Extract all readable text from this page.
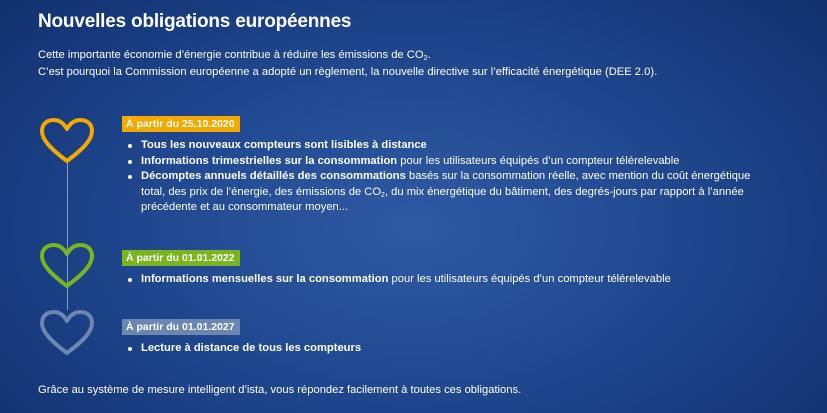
Nouvelles obligations européennes

Cette importante économie d’énergie contribue à réduire les émissions de $CO_2$.
C’est pourquoi la Commission européenne a adopté un règlement, la nouvelle directive sur l’efficacité énergétique (DEE 2.0).

À partir du 25.10.2020
Tous les nouveaux compteurs sont lisibles à distance
Informations trimestrielles sur la consommation pour les utilisateurs équipés d’un compteur télérelevable
Décomptes annuels détaillés des consommations basés sur la consommation réelle, avec mention du coût énergétique total, des prix de l’énergie, des émissions de $CO_2$, du mix énergétique du bâtiment, des degrés-jours par rapport à l’année précédente et au consommateur moyen...
À partir du 01.01.2022
Informations mensuelles sur la consommation pour les utilisateurs équipés d’un compteur télérelevable
À partir du 01.01.2027
Lecture à distance de tous les compteurs

Grâce au système de mesure intelligent d’ista, vous répondez facilement à toutes ces obligations.
